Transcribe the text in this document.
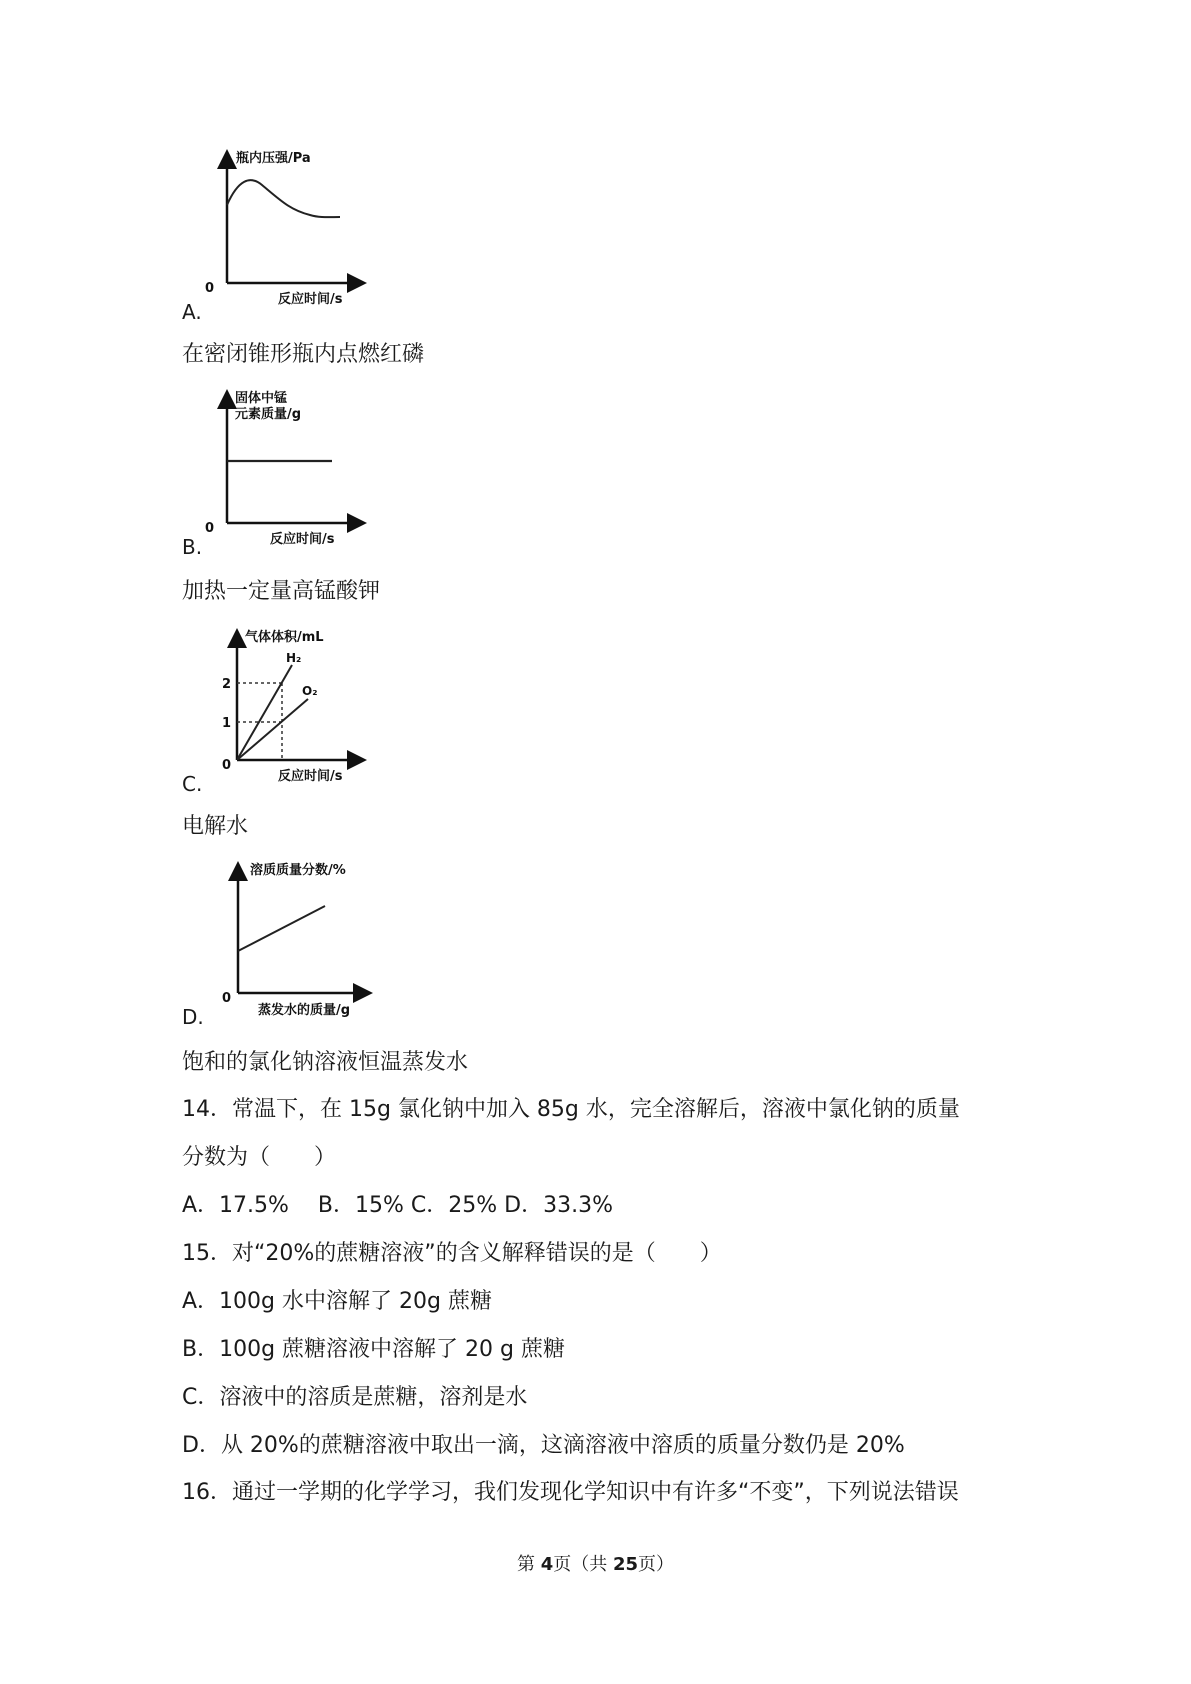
瓶内压强/Pa
0
反应时间/s
A.
在密闭锥形瓶内点燃红磷
固体中锰
元素质量/g
0
反应时间/s
B.
加热一定量高锰酸钾
气体体积/mL
H₂
O₂
2
1
0
反应时间/s
C.
电解水
溶质质量分数/%
0
蒸发水的质量/g
D.
饱和的氯化钠溶液恒温蒸发水
14．常温下，在 15g 氯化钠中加入 85g 水，完全溶解后，溶液中氯化钠的质量
分数为（　　）
A．17.5%　 B．15% C．25% D．33.3%
15．对“20%的蔗糖溶液”的含义解释错误的是（　　）
A．100g 水中溶解了 20g 蔗糖
B．100g 蔗糖溶液中溶解了 20 g 蔗糖
C．溶液中的溶质是蔗糖，溶剂是水
D．从 20%的蔗糖溶液中取出一滴，这滴溶液中溶质的质量分数仍是 20%
16．通过一学期的化学学习，我们发现化学知识中有许多“不变”，下列说法错误
第 4页（共 25页）
